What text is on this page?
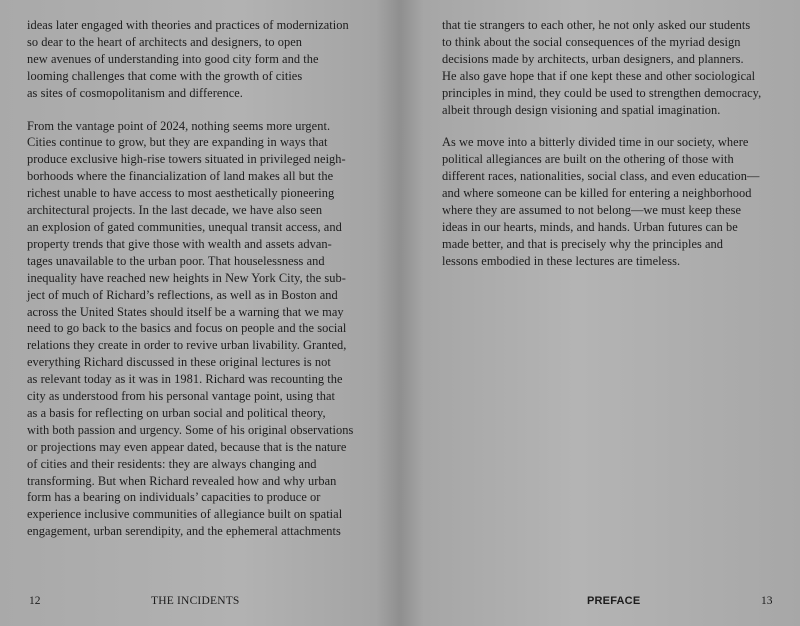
ideas later engaged with theories and practices of modernization
so dear to the heart of architects and designers, to open
new avenues of understanding into good city form and the
looming challenges that come with the growth of cities
as sites of cosmopolitanism and difference.

From the vantage point of 2024, nothing seems more urgent.
Cities continue to grow, but they are expanding in ways that
produce exclusive high-rise towers situated in privileged neigh-
borhoods where the financialization of land makes all but the
richest unable to have access to most aesthetically pioneering
architectural projects. In the last decade, we have also seen
an explosion of gated communities, unequal transit access, and
property trends that give those with wealth and assets advan-
tages unavailable to the urban poor. That houselessness and
inequality have reached new heights in New York City, the sub-
ject of much of Richard’s reflections, as well as in Boston and
across the United States should itself be a warning that we may
need to go back to the basics and focus on people and the social
relations they create in order to revive urban livability. Granted,
everything Richard discussed in these original lectures is not
as relevant today as it was in 1981. Richard was recounting the
city as understood from his personal vantage point, using that
as a basis for reflecting on urban social and political theory,
with both passion and urgency. Some of his original observations
or projections may even appear dated, because that is the nature
of cities and their residents: they are always changing and
transforming. But when Richard revealed how and why urban
form has a bearing on individuals’ capacities to produce or
experience inclusive communities of allegiance built on spatial
engagement, urban serendipity, and the ephemeral attachments

12	THE INCIDENTS

that tie strangers to each other, he not only asked our students
to think about the social consequences of the myriad design
decisions made by architects, urban designers, and planners.
He also gave hope that if one kept these and other sociological
principles in mind, they could be used to strengthen democracy,
albeit through design visioning and spatial imagination.

As we move into a bitterly divided time in our society, where
political allegiances are built on the othering of those with
different races, nationalities, social class, and even education—
and where someone can be killed for entering a neighborhood
where they are assumed to not belong—we must keep these
ideas in our hearts, minds, and hands. Urban futures can be
made better, and that is precisely why the principles and
lessons embodied in these lectures are timeless.

PREFACE	13
